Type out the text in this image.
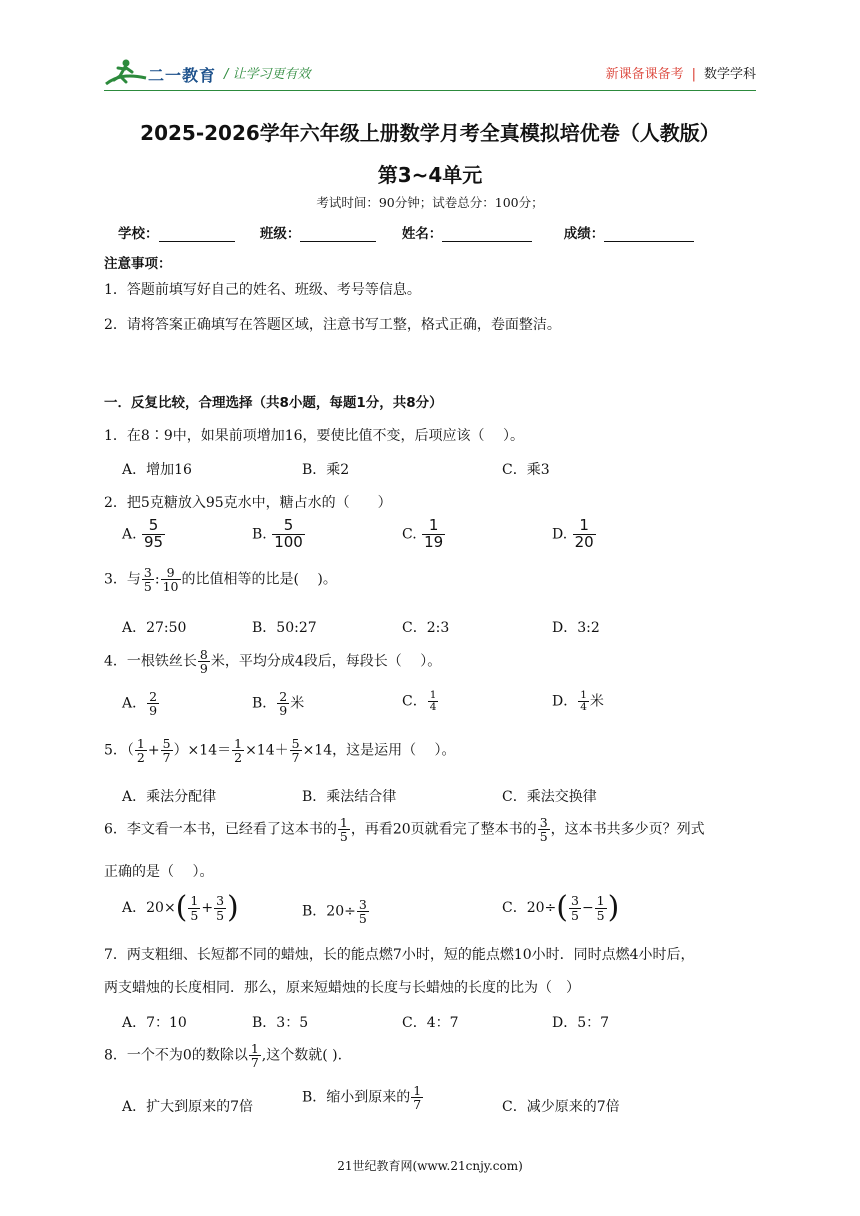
二一教育 / 让学习更有效	新课备课备考 | 数学学科
2025-2026学年六年级上册数学月考全真模拟培优卷（人教版）
第3~4单元
考试时间：90分钟；试卷总分：100分；
学校：	班级：	姓名：	成绩：
注意事项：
1．答题前填写好自己的姓名、班级、考号等信息。
2．请将答案正确填写在答题区域，注意书写工整，格式正确，卷面整洁。
一．反复比较，合理选择（共8小题，每题1分，共8分）
1．在8∶9中，如果前项增加16，要使比值不变，后项应该（　 ）。
A．增加16	B．乘2	C．乘3
2．把5克糖放入95克水中，糖占水的（　　）
A. $\frac{5}{95}$	B. $\frac{5}{100}$	C. $\frac{1}{19}$	D. $\frac{1}{20}$
3．与 $\frac{3}{5}$ : $\frac{9}{10}$ 的比值相等的比是(　 )。
A．27:50	B．50:27	C．2:3	D．3:2
4．一根铁丝长 $\frac{8}{9}$ 米，平均分成4段后，每段长（　 ）。
A． $\frac{2}{9}$	B． $\frac{2}{9}$ 米	C． $\frac{1}{4}$	D． $\frac{1}{4}$ 米
5．（ $\frac{1}{2} + \frac{5}{7} )\times 14= \frac{1}{2} \times 14+ \frac{5}{7} \times 14$，这是运用（　 ）。
A．乘法分配律	B．乘法结合律	C．乘法交换律
6．李文看一本书，已经看了这本书的 $\frac{1}{5}$ ，再看20页就看完了整本书的 $\frac{3}{5}$ ，这本书共多少页？列式
正确的是（　 ）。
A．$20\times( \frac{1}{5} + \frac{3}{5}$ )	B．$20\div \frac{3}{5}$	C．$20\div( \frac{3}{5} - \frac{1}{5}$ )
7．两支粗细、长短都不同的蜡烛，长的能点燃7小时，短的能点燃10小时．同时点燃4小时后，
两支蜡烛的长度相同．那么，原来短蜡烛的长度与长蜡烛的长度的比为（　）
A．7：10	B．3：5	C．4：7	D．5：7
8．一个不为0的数除以 $\frac{1}{7}$ ,这个数就( ).
A．扩大到原来的7倍
B．缩小到原来的 $\frac{1}{7}$	C．减少原来的7倍
21世纪教育网(www.21cnjy.com)
